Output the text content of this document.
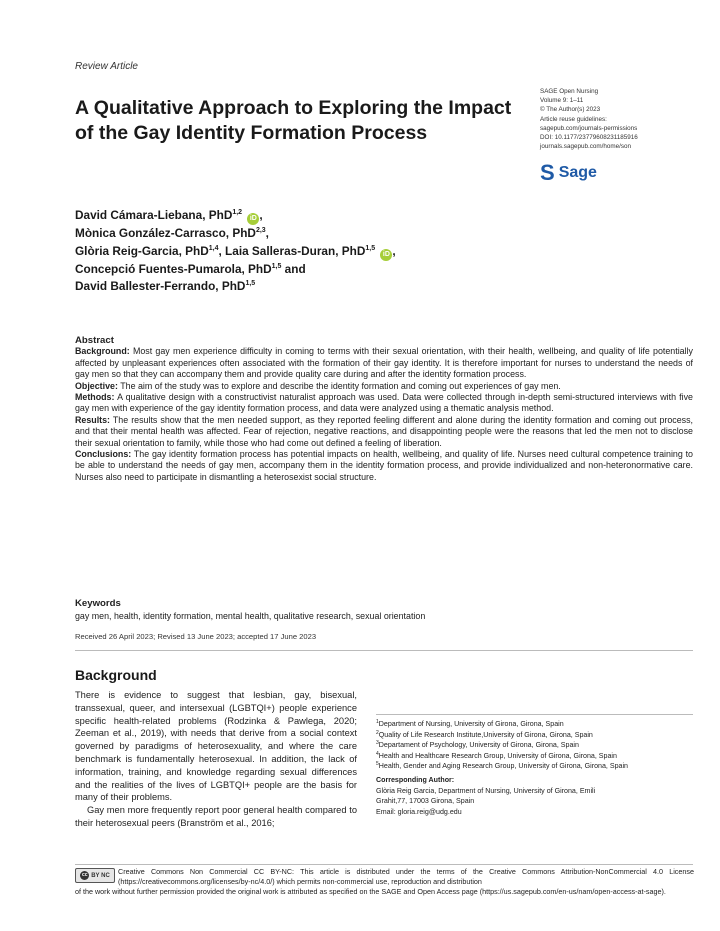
Review Article
A Qualitative Approach to Exploring the Impact of the Gay Identity Formation Process
SAGE Open Nursing
Volume 9: 1–11
© The Author(s) 2023
Article reuse guidelines:
sagepub.com/journals-permissions
DOI: 10.1177/23779608231185916
journals.sagepub.com/home/son
S Sage
David Cámara-Liebana, PhD$^{1,2}$ iD ,
Mònica González-Carrasco, PhD$^{2,3}$,
Glòria Reig-Garcia, PhD$^{1,4}$, Laia Salleras-Duran, PhD$^{1,5}$ iD ,
Concepció Fuentes-Pumarola, PhD$^{1,5}$ and
David Ballester-Ferrando, PhD$^{1,5}$
Abstract

Background: Most gay men experience difficulty in coming to terms with their sexual orientation, with their health, wellbeing, and quality of life potentially affected by unpleasant experiences often associated with the formation of their gay identity. It is therefore important for nurses to understand the needs of gay men so that they can accompany them and provide quality care during and after the identity formation process.

Objective: The aim of the study was to explore and describe the identity formation and coming out experiences of gay men.

Methods: A qualitative design with a constructivist naturalist approach was used. Data were collected through in-depth semi-structured interviews with five gay men with experience of the gay identity formation process, and data were analyzed using a thematic analysis method.

Results: The results show that the men needed support, as they reported feeling different and alone during the identity formation and coming out process, and that their mental health was affected. Fear of rejection, negative reactions, and disappointing people were the reasons that led the men not to disclose their sexual orientation to family, while those who had come out defined a feeling of liberation.

Conclusions: The gay identity formation process has potential impacts on health, wellbeing, and quality of life. Nurses need cultural competence training to be able to understand the needs of gay men, accompany them in the identity formation process, and provide individualized and non-heteronormative care. Nurses also need to participate in dismantling a heterosexist social structure.

Keywords
gay men, health, identity formation, mental health, qualitative research, sexual orientation
Received 26 April 2023; Revised 13 June 2023; accepted 17 June 2023
Background

There is evidence to suggest that lesbian, gay, bisexual, transsexual, queer, and intersexual (LGBTQI+) people experience specific health-related problems (Rodzinka & Pawlega, 2020; Zeeman et al., 2019), with needs that derive from a social context governed by paradigms of heterosexuality, and where the care benchmark is fundamentally heterosexual. In addition, the lack of information, training, and knowledge regarding sexual differences and the realities of the lives of LGBTQI+ people are the basis for many of their problems.

Gay men more frequently report poor general health compared to their heterosexual peers (Branström et al., 2016;

$^1$Department of Nursing, University of Girona, Girona, Spain
$^2$Quality of Life Research Institute,University of Girona, Girona, Spain
$^3$Departament of Psychology, University of Girona, Girona, Spain
$^4$Health and Healthcare Research Group, University of Girona, Girona, Spain
$^5$Health, Gender and Aging Research Group, University of Girona, Girona, Spain
Corresponding Author:
Glòria Reig Garcia, Department of Nursing, University of Girona, Emili
Grahit,77, 17003 Girona, Spain
Email: gloria.reig@udg.edu
cc BY NC Creative Commons Non Commercial CC BY-NC: This article is distributed under the terms of the Creative Commons Attribution-NonCommercial 4.0 License (https://creativecommons.org/licenses/by-nc/4.0/) which permits non-commercial use, reproduction and distribution
of the work without further permission provided the original work is attributed as specified on the SAGE and Open Access page (https://us.sagepub.com/en-us/nam/open-access-at-sage).
